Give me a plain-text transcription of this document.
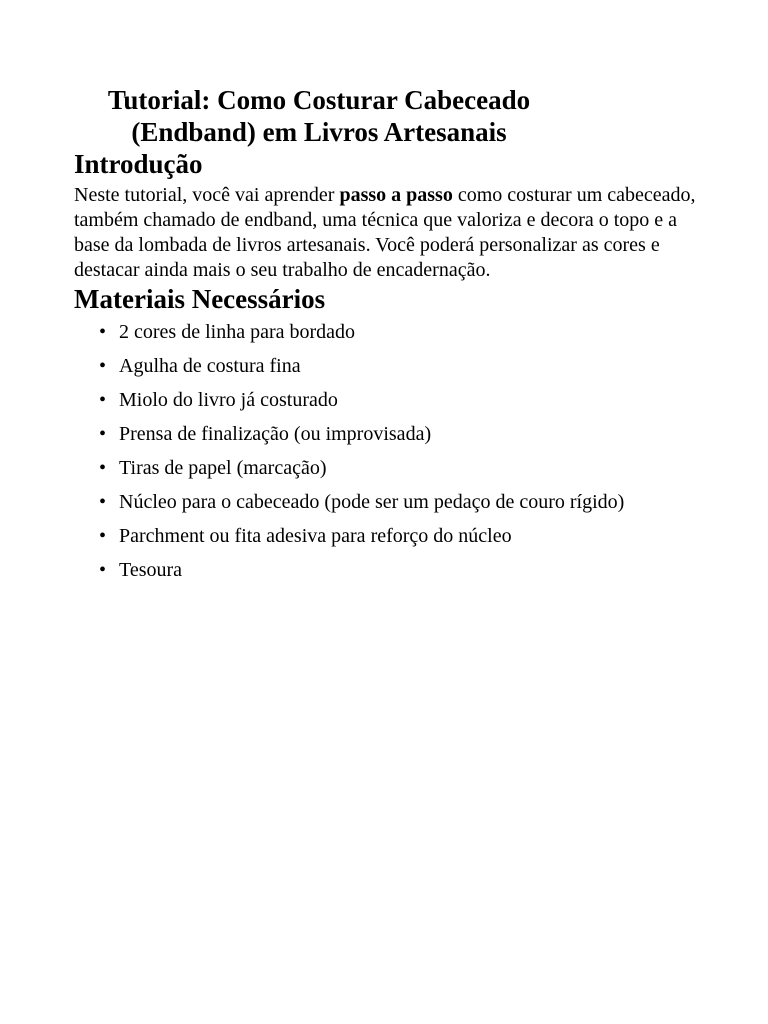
Tutorial: Como Costurar Cabeceado (Endband) em Livros Artesanais
Introdução

Neste tutorial, você vai aprender passo a passo como costurar um cabeceado, também chamado de endband, uma técnica que valoriza e decora o topo e a base da lombada de livros artesanais. Você poderá personalizar as cores e destacar ainda mais o seu trabalho de encadernação.

Materiais Necessários
• 2 cores de linha para bordado
• Agulha de costura fina
• Miolo do livro já costurado
• Prensa de finalização (ou improvisada)
• Tiras de papel (marcação)
• Núcleo para o cabeceado (pode ser um pedaço de couro rígido)
• Parchment ou fita adesiva para reforço do núcleo
• Tesoura
